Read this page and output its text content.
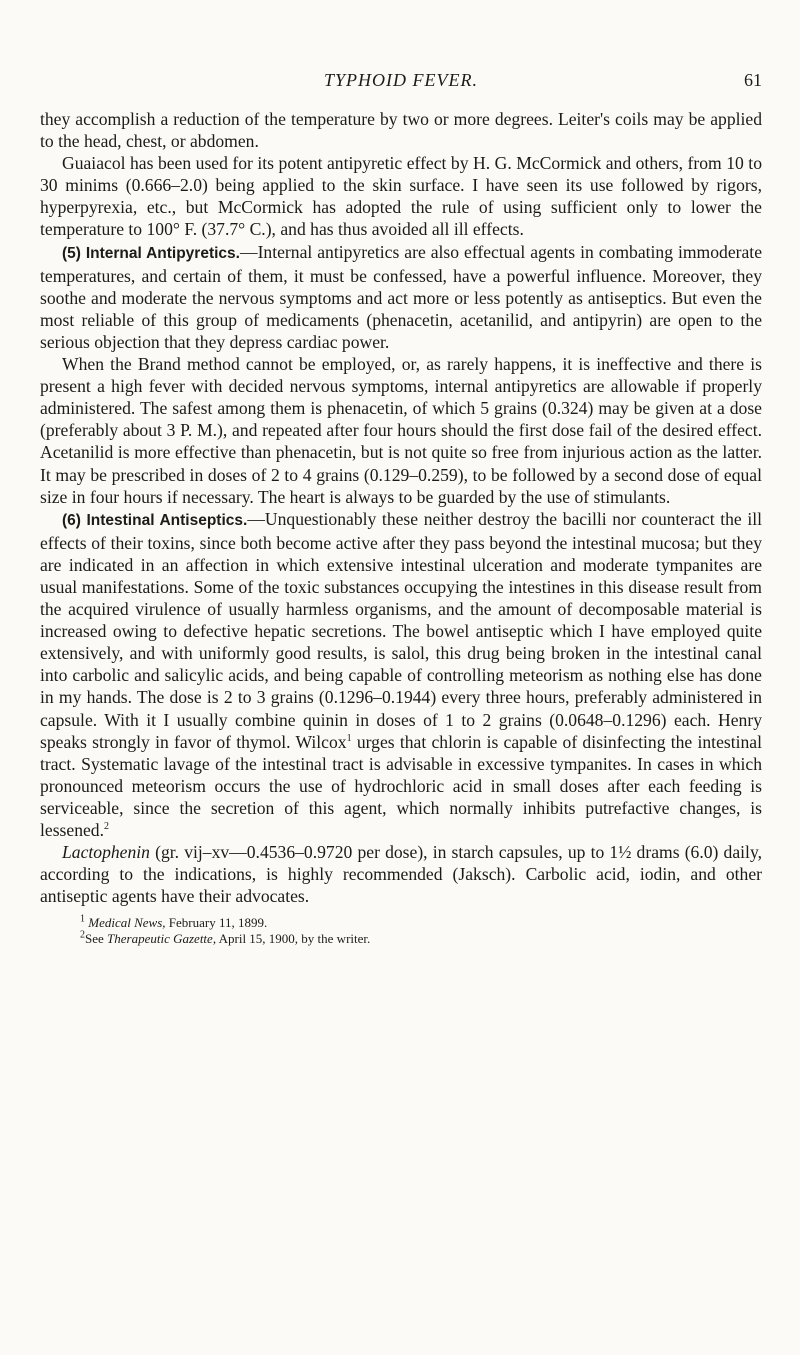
TYPHOID FEVER.	61

they accomplish a reduction of the temperature by two or more degrees. Leiter's coils may be applied to the head, chest, or abdomen.

Guaiacol has been used for its potent antipyretic effect by H. G. McCormick and others, from 10 to 30 minims (0.666–2.0) being applied to the skin surface. I have seen its use followed by rigors, hyperpyrexia, etc., but McCormick has adopted the rule of using sufficient only to lower the temperature to 100° F. (37.7° C.), and has thus avoided all ill effects.

(5) Internal Antipyretics.—Internal antipyretics are also effectual agents in combating immoderate temperatures, and certain of them, it must be confessed, have a powerful influence. Moreover, they soothe and moderate the nervous symptoms and act more or less potently as antiseptics. But even the most reliable of this group of medicaments (phenacetin, acetanilid, and antipyrin) are open to the serious objection that they depress cardiac power.

When the Brand method cannot be employed, or, as rarely happens, it is ineffective and there is present a high fever with decided nervous symptoms, internal antipyretics are allowable if properly administered. The safest among them is phenacetin, of which 5 grains (0.324) may be given at a dose (preferably about 3 P. M.), and repeated after four hours should the first dose fail of the desired effect. Acetanilid is more effective than phenacetin, but is not quite so free from injurious action as the latter. It may be prescribed in doses of 2 to 4 grains (0.129–0.259), to be followed by a second dose of equal size in four hours if necessary. The heart is always to be guarded by the use of stimulants.

(6) Intestinal Antiseptics.—Unquestionably these neither destroy the bacilli nor counteract the ill effects of their toxins, since both become active after they pass beyond the intestinal mucosa; but they are indicated in an affection in which extensive intestinal ulceration and moderate tympanites are usual manifestations. Some of the toxic substances occupying the intestines in this disease result from the acquired virulence of usually harmless organisms, and the amount of decomposable material is increased owing to defective hepatic secretions. The bowel antiseptic which I have employed quite extensively, and with uniformly good results, is salol, this drug being broken in the intestinal canal into carbolic and salicylic acids, and being capable of controlling meteorism as nothing else has done in my hands. The dose is 2 to 3 grains (0.1296–0.1944) every three hours, preferably administered in capsule. With it I usually combine quinin in doses of 1 to 2 grains (0.0648–0.1296) each. Henry speaks strongly in favor of thymol. Wilcox$^1$ urges that chlorin is capable of disinfecting the intestinal tract. Systematic lavage of the intestinal tract is advisable in excessive tympanites. In cases in which pronounced meteorism occurs the use of hydrochloric acid in small doses after each feeding is serviceable, since the secretion of this agent, which normally inhibits putrefactive changes, is lessened.$^2$

Lactophenin (gr. vij–xv—0.4536–0.9720 per dose), in starch capsules, up to 1½ drams (6.0) daily, according to the indications, is highly recommended (Jaksch). Carbolic acid, iodin, and other antiseptic agents have their advocates.

$^1$ Medical News, February 11, 1899.
$^2$See Therapeutic Gazette, April 15, 1900, by the writer.
